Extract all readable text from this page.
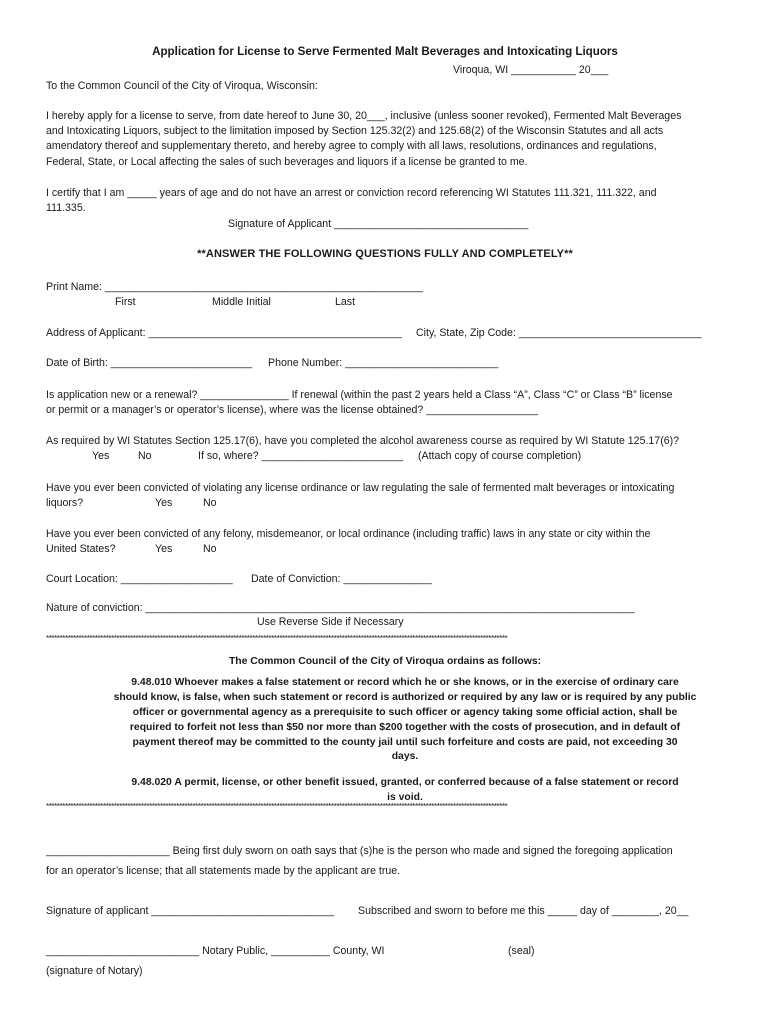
Application for License to Serve Fermented Malt Beverages and Intoxicating Liquors
Viroqua, WI ___________ 20___
To the Common Council of the City of Viroqua, Wisconsin:
I hereby apply for a license to serve, from date hereof to June 30, 20___, inclusive (unless sooner revoked), Fermented Malt Beverages
and Intoxicating Liquors, subject to the limitation imposed by Section 125.32(2) and 125.68(2) of the Wisconsin Statutes and all acts
amendatory thereof and supplementary thereto, and hereby agree to comply with all laws, resolutions, ordinances and regulations,
Federal, State, or Local affecting the sales of such beverages and liquors if a license be granted to me.
I certify that I am _____ years of age and do not have an arrest or conviction record referencing WI Statutes 111.321, 111.322, and
111.335.
Signature of Applicant _________________________________
**ANSWER THE FOLLOWING QUESTIONS FULLY AND COMPLETELY**
Print Name: ______________________________________________________
First	Middle Initial	Last
Address of Applicant: ___________________________________________ City, State, Zip Code: _______________________________
Date of Birth: ________________________ Phone Number: __________________________
Is application new or a renewal? _______________ If renewal (within the past 2 years held a Class “A”, Class “C” or Class “B” license
or permit or a manager’s or operator’s license), where was the license obtained? ___________________
As required by WI Statutes Section 125.17(6), have you completed the alcohol awareness course as required by WI Statute 125.17(6)?
Yes	No	If so, where? ________________________ (Attach copy of course completion)
Have you ever been convicted of violating any license ordinance or law regulating the sale of fermented malt beverages or intoxicating
liquors?	Yes	No
Have you ever been convicted of any felony, misdemeanor, or local ordinance (including traffic) laws in any state or city within the
United States?	Yes	No
Court Location: ___________________ Date of Conviction: _______________
Nature of conviction: ___________________________________________________________________________________
Use Reverse Side if Necessary
**************************************************************************************************************************************************************************
The Common Council of the City of Viroqua ordains as follows:
9.48.010 Whoever makes a false statement or record which he or she knows, or in the exercise of ordinary care
should know, is false, when such statement or record is authorized or required by any law or is required by any public
officer or governmental agency as a prerequisite to such officer or agency taking some official action, shall be
required to forfeit not less than $50 nor more than $200 together with the costs of prosecution, and in default of
payment thereof may be committed to the county jail until such forfeiture and costs are paid, not exceeding 30
days.
9.48.020 A permit, license, or other benefit issued, granted, or conferred because of a false statement or record
is void.
**************************************************************************************************************************************************************************
_____________________ Being first duly sworn on oath says that (s)he is the person who made and signed the foregoing application
for an operator’s license; that all statements made by the applicant are true.
Signature of applicant _______________________________ Subscribed and sworn to before me this _____ day of ________, 20__
__________________________ Notary Public, __________ County, WI	(seal)
(signature of Notary)
